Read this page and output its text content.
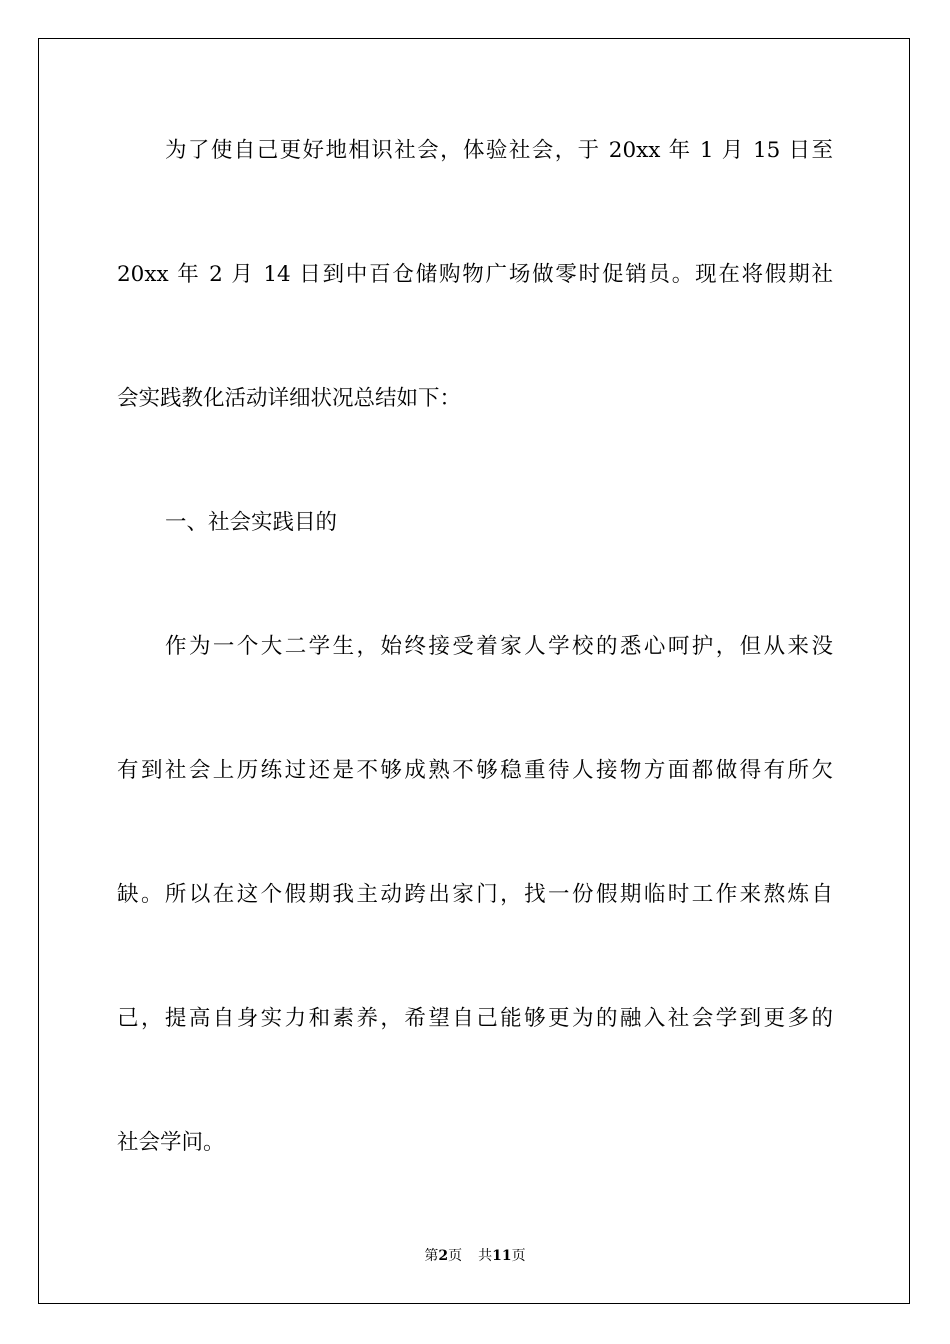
为了使自己更好地相识社会，体验社会，于 20xx 年 1 月 15 日至
20xx 年 2 月 14 日到中百仓储购物广场做零时促销员。现在将假期社
会实践教化活动详细状况总结如下：
一、社会实践目的
作为一个大二学生，始终接受着家人学校的悉心呵护，但从来没
有到社会上历练过还是不够成熟不够稳重待人接物方面都做得有所欠
缺。所以在这个假期我主动跨出家门，找一份假期临时工作来熬炼自
己，提高自身实力和素养，希望自己能够更为的融入社会学到更多的
社会学问。
第2页 共11页
